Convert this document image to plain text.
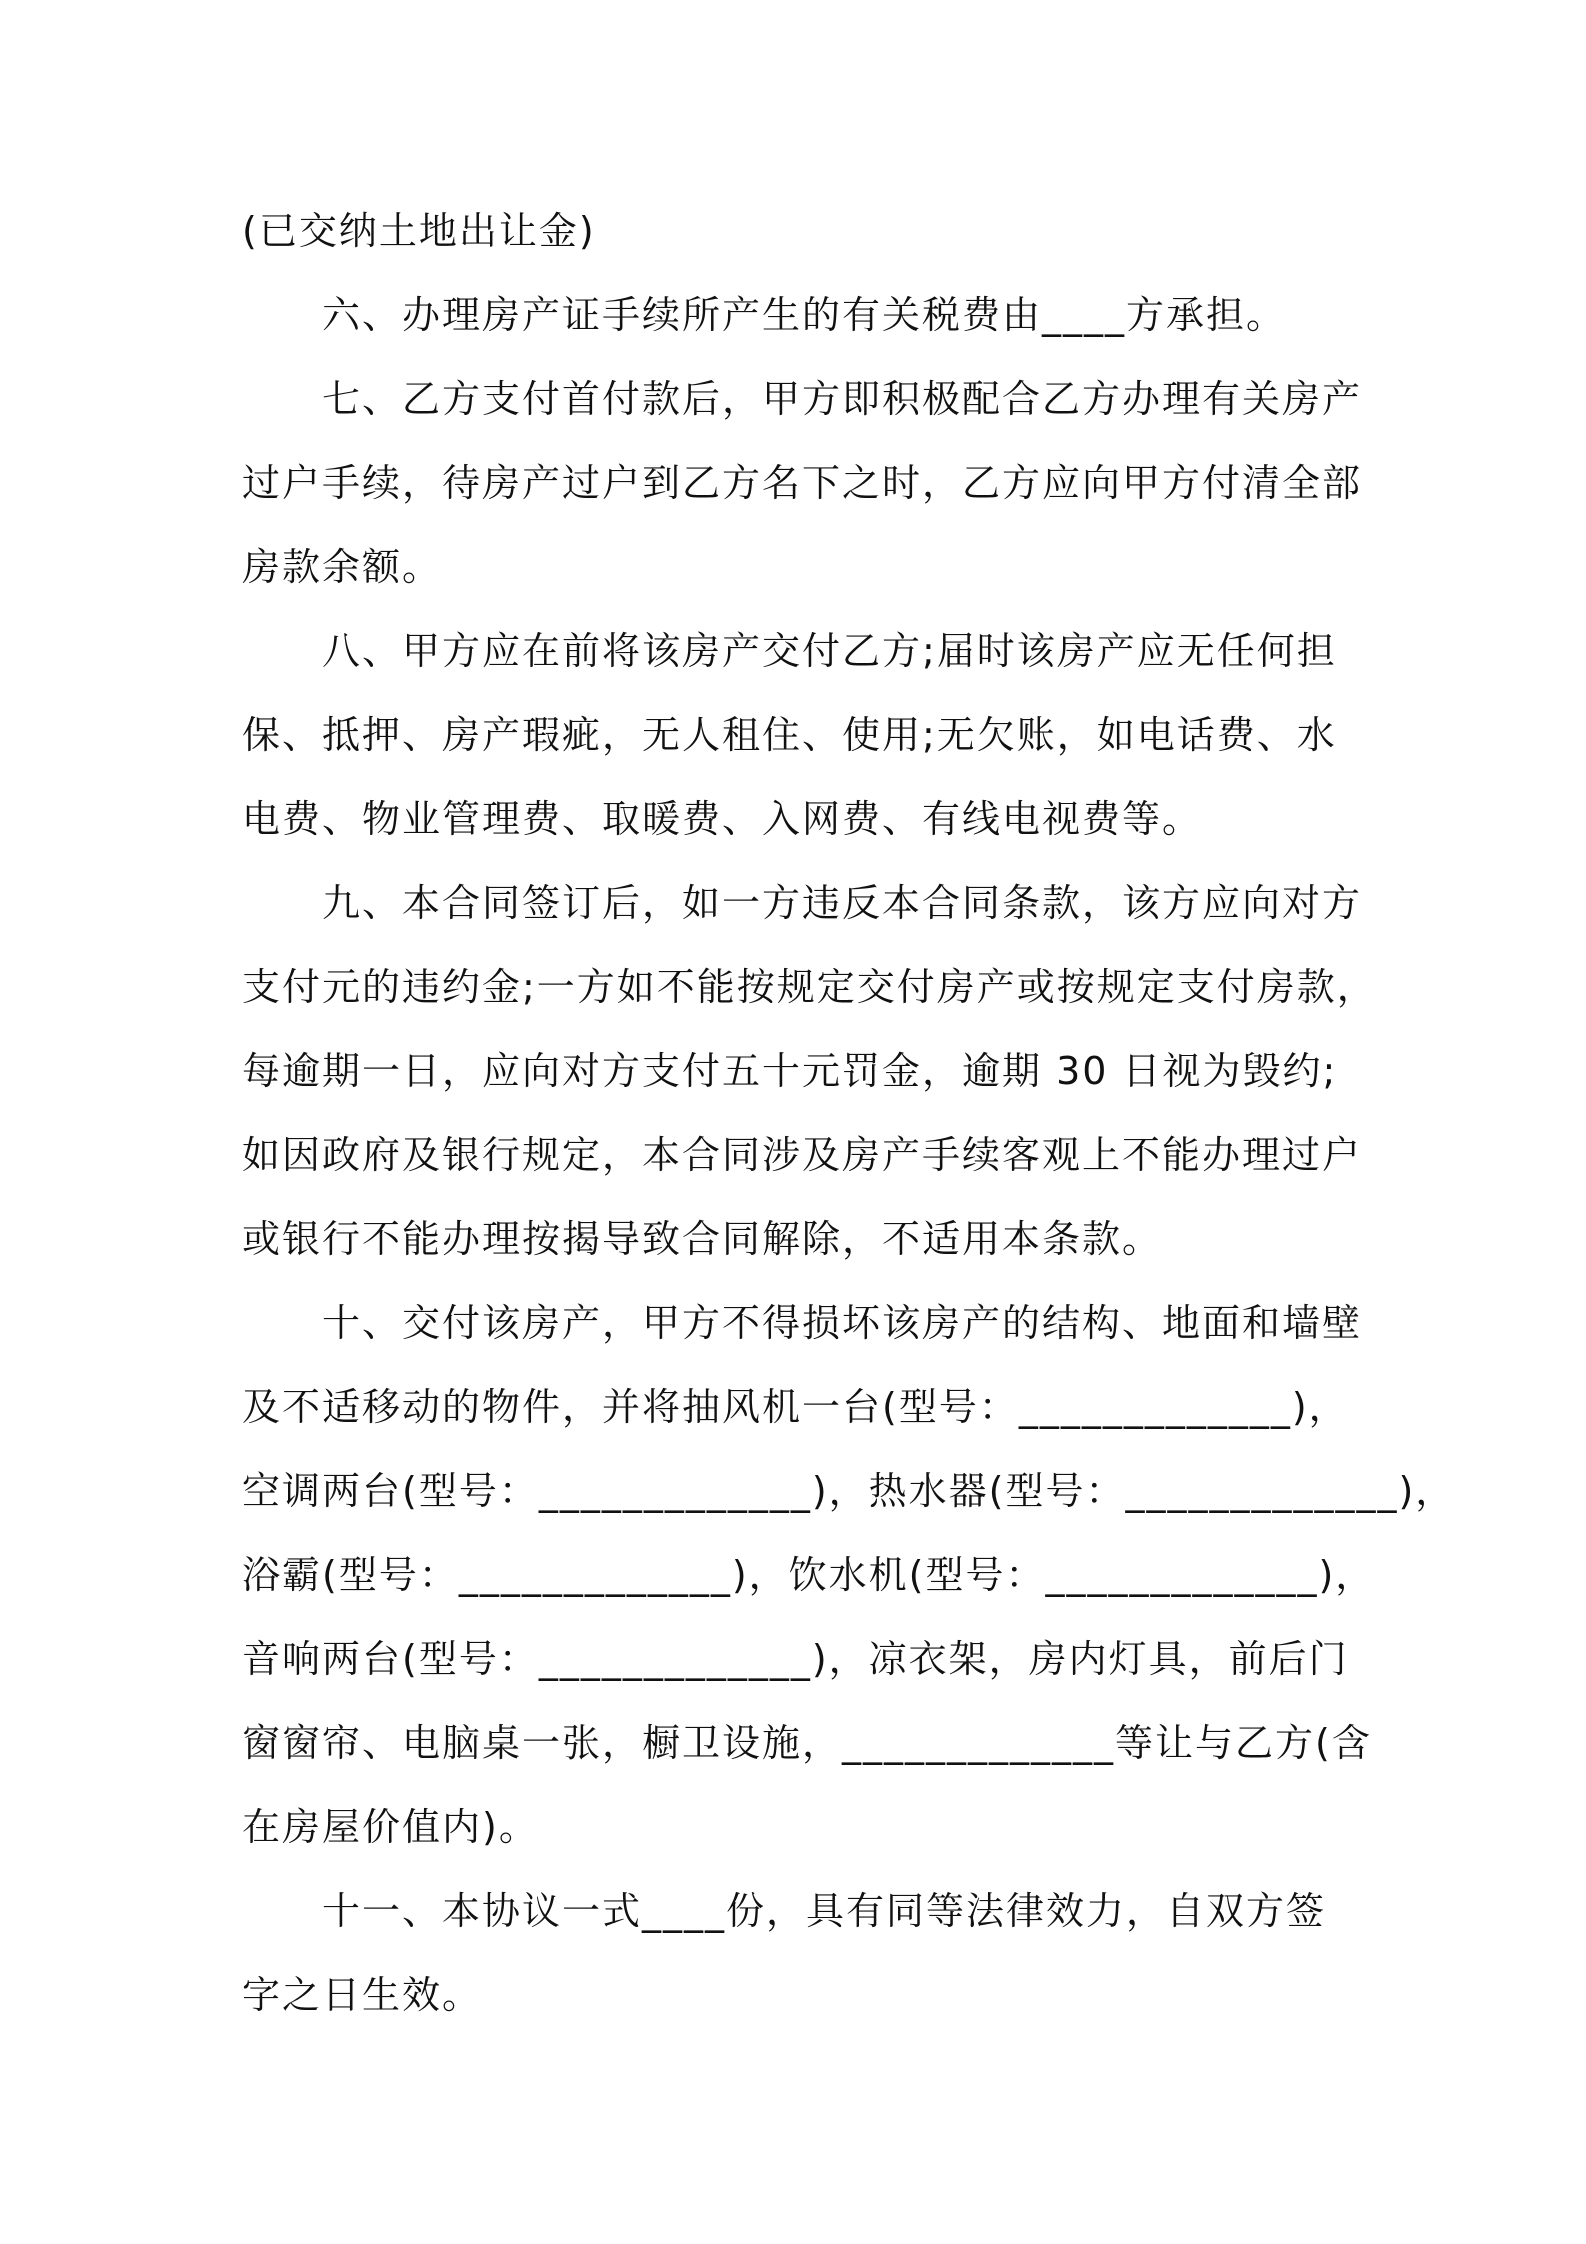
(已交纳土地出让金)
六、办理房产证手续所产生的有关税费由____方承担。
七、乙方支付首付款后，甲方即积极配合乙方办理有关房产
过户手续，待房产过户到乙方名下之时，乙方应向甲方付清全部
房款余额。
八、甲方应在前将该房产交付乙方;届时该房产应无任何担
保、抵押、房产瑕疵，无人租住、使用;无欠账，如电话费、水
电费、物业管理费、取暖费、入网费、有线电视费等。
九、本合同签订后，如一方违反本合同条款，该方应向对方
支付元的违约金;一方如不能按规定交付房产或按规定支付房款，
每逾期一日，应向对方支付五十元罚金，逾期 30 日视为毁约;
如因政府及银行规定，本合同涉及房产手续客观上不能办理过户
或银行不能办理按揭导致合同解除，不适用本条款。
十、交付该房产，甲方不得损坏该房产的结构、地面和墙壁
及不适移动的物件，并将抽风机一台(型号：_____________)，
空调两台(型号：_____________)，热水器(型号：_____________)，
浴霸(型号：_____________)，饮水机(型号：_____________)，
音响两台(型号：_____________)，凉衣架，房内灯具，前后门
窗窗帘、电脑桌一张，橱卫设施，_____________等让与乙方(含
在房屋价值内)。
十一、本协议一式____份，具有同等法律效力，自双方签
字之日生效。
